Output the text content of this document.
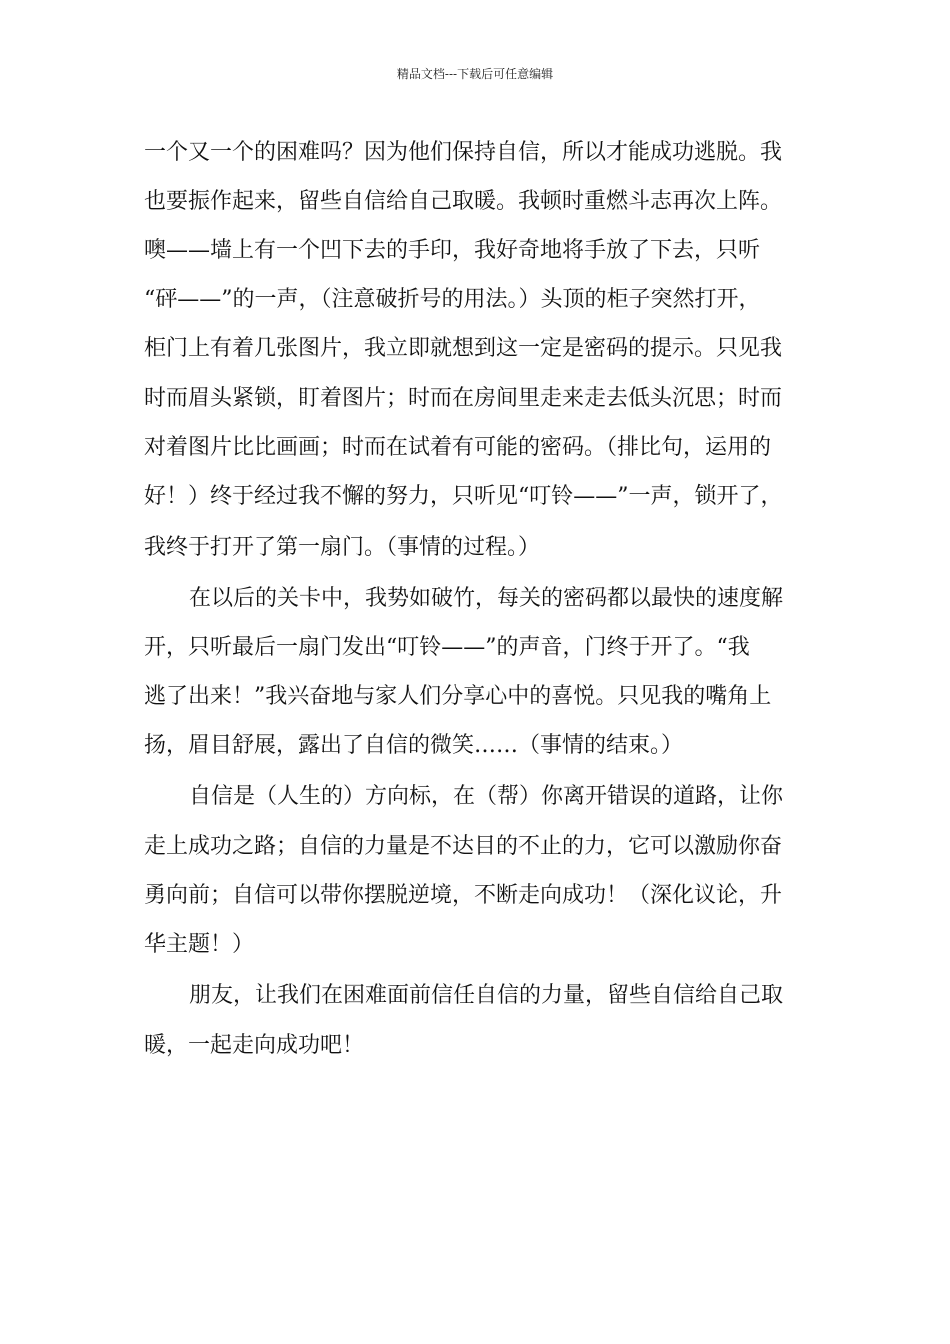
精品文档---下载后可任意编辑
一个又一个的困难吗？因为他们保持自信，所以才能成功逃脱。我
也要振作起来，留些自信给自己取暖。我顿时重燃斗志再次上阵。
噢——墙上有一个凹下去的手印，我好奇地将手放了下去，只听
“砰——”的一声，（注意破折号的用法。）头顶的柜子突然打开，
柜门上有着几张图片，我立即就想到这一定是密码的提示。只见我
时而眉头紧锁，盯着图片；时而在房间里走来走去低头沉思；时而
对着图片比比画画；时而在试着有可能的密码。（排比句，运用的
好！）终于经过我不懈的努力，只听见“叮铃——”一声，锁开了，
我终于打开了第一扇门。（事情的过程。）
在以后的关卡中，我势如破竹，每关的密码都以最快的速度解
开，只听最后一扇门发出“叮铃——”的声音，门终于开了。“我
逃了出来！”我兴奋地与家人们分享心中的喜悦。只见我的嘴角上
扬，眉目舒展，露出了自信的微笑……（事情的结束。）
自信是（人生的）方向标，在（帮）你离开错误的道路，让你
走上成功之路；自信的力量是不达目的不止的力，它可以激励你奋
勇向前；自信可以带你摆脱逆境，不断走向成功！（深化议论，升
华主题！）
朋友，让我们在困难面前信任自信的力量，留些自信给自己取
暖，一起走向成功吧！
